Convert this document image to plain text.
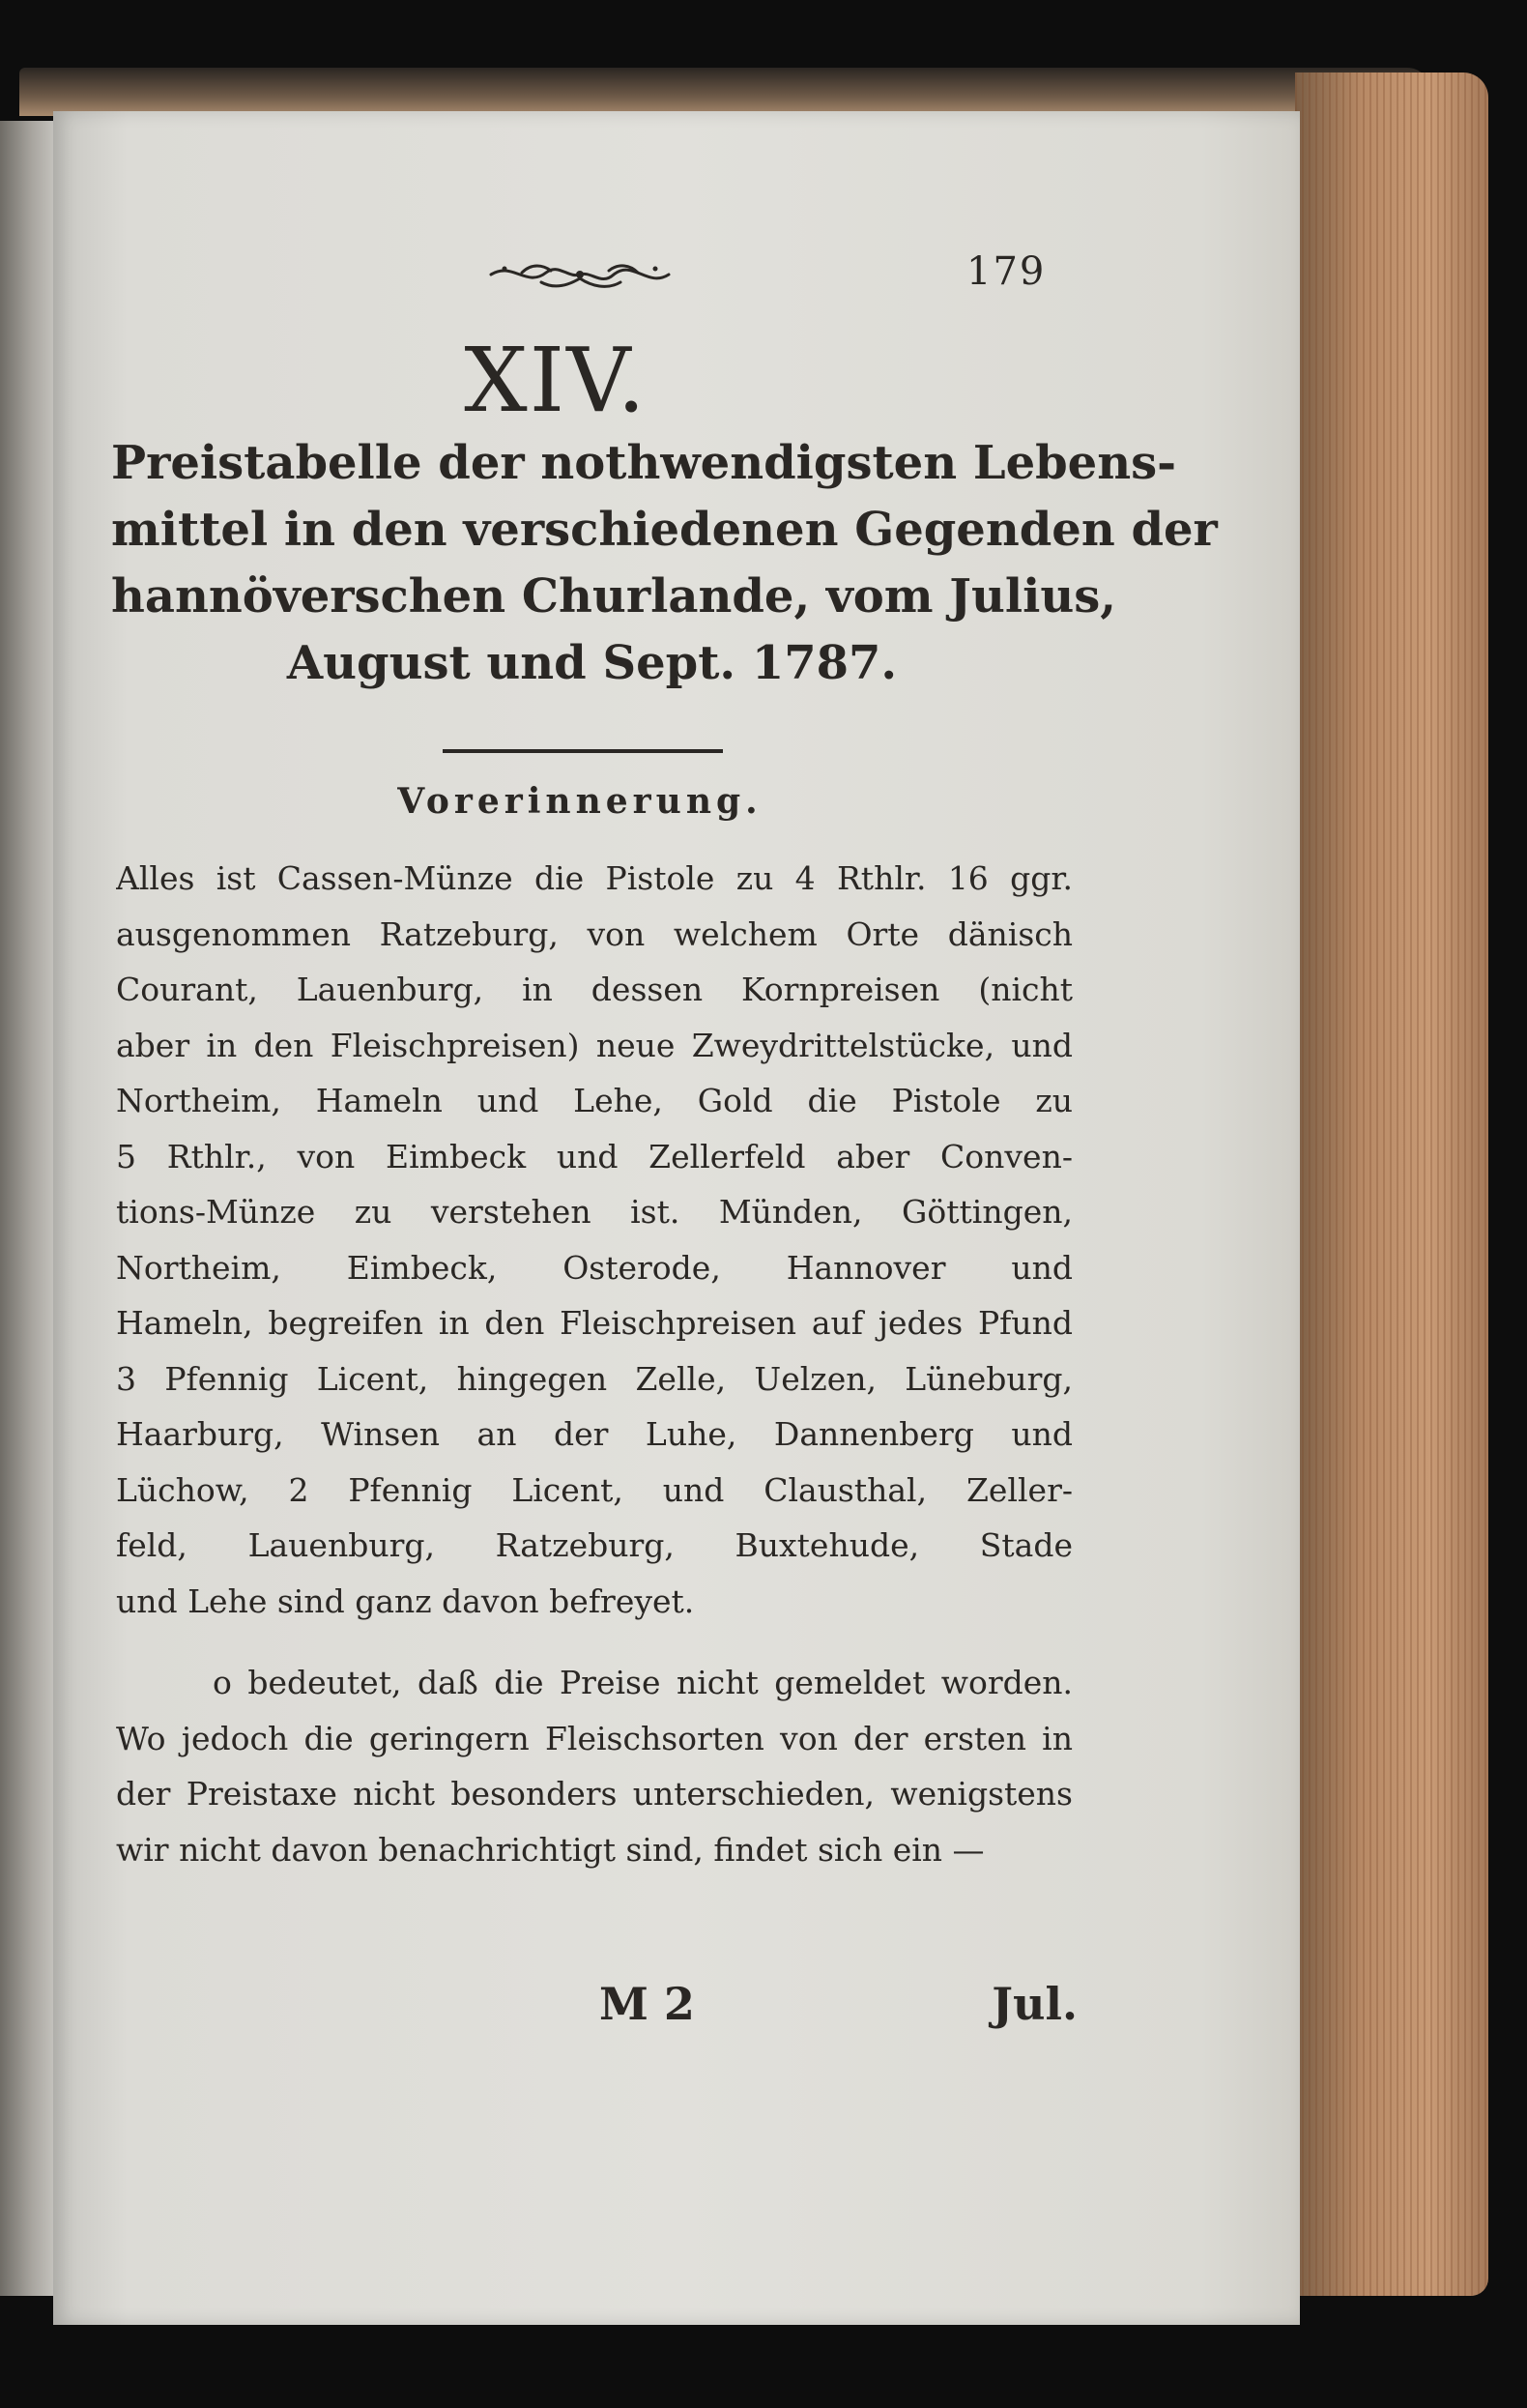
179
XIV.
Preistabelle der nothwendigsten Lebens-
mittel in den verschiedenen Gegenden der
hannöverschen Churlande, vom Julius,
August und Sept. 1787.
Vorerinnerung.
Alles ist Cassen-Münze die Pistole zu 4 Rthlr. 16 ggr.
ausgenommen Ratzeburg, von welchem Orte dänisch
Courant, Lauenburg, in dessen Kornpreisen (nicht
aber in den Fleischpreisen) neue Zweydrittelstücke, und
Northeim, Hameln und Lehe, Gold die Pistole zu
5 Rthlr., von Eimbeck und Zellerfeld aber Conven-
tions-Münze zu verstehen ist. Münden, Göttingen,
Northeim, Eimbeck, Osterode, Hannover und
Hameln, begreifen in den Fleischpreisen auf jedes Pfund
3 Pfennig Licent, hingegen Zelle, Uelzen, Lüneburg,
Haarburg, Winsen an der Luhe, Dannenberg und
Lüchow, 2 Pfennig Licent, und Clausthal, Zeller-
feld, Lauenburg, Ratzeburg, Buxtehude, Stade
und Lehe sind ganz davon befreyet.
o bedeutet, daß die Preise nicht gemeldet worden.
Wo jedoch die geringern Fleischsorten von der ersten in
der Preistaxe nicht besonders unterschieden, wenigstens
wir nicht davon benachrichtigt sind, findet sich ein —
M 2	Jul.
